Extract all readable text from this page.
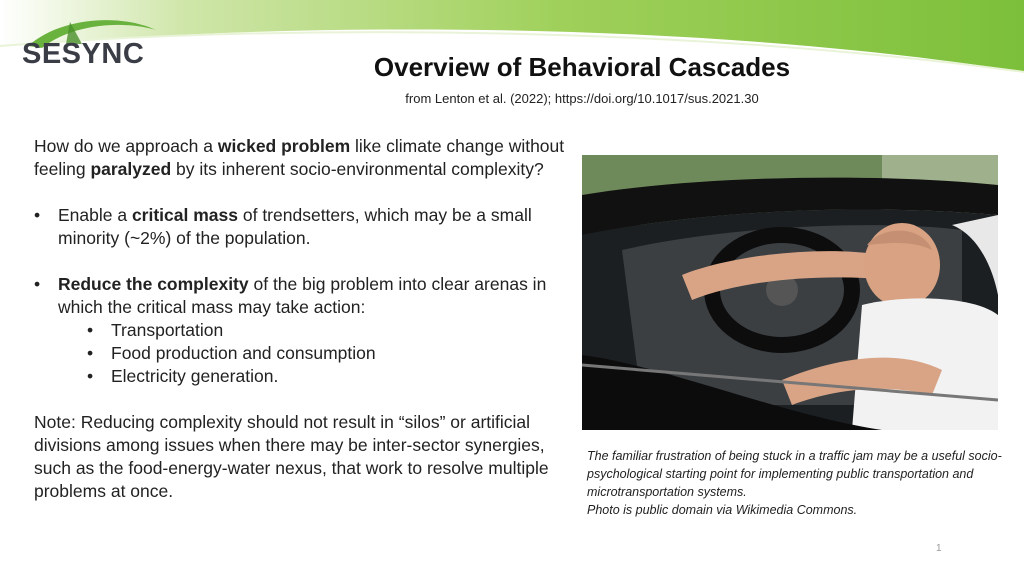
SESYNC	Overview of Behavioral Cascades
from Lenton et al. (2022); https://doi.org/10.1017/sus.2021.30

How do we approach a wicked problem like climate change without feeling paralyzed by its inherent socio-environmental complexity?

• Enable a critical mass of trendsetters, which may be a small minority (~2%) of the population.

• Reduce the complexity of the big problem into clear arenas in which the critical mass may take action:

• Transportation

• Food production and consumption

• Electricity generation.

Note: Reducing complexity should not result in “silos” or artificial divisions among issues when there may be inter-sector synergies, such as the food-energy-water nexus, that work to resolve multiple problems at once.

The familiar frustration of being stuck in a traffic jam may be a useful socio-psychological starting point for implementing public transportation and microtransportation systems.
Photo is public domain via Wikimedia Commons.
1
